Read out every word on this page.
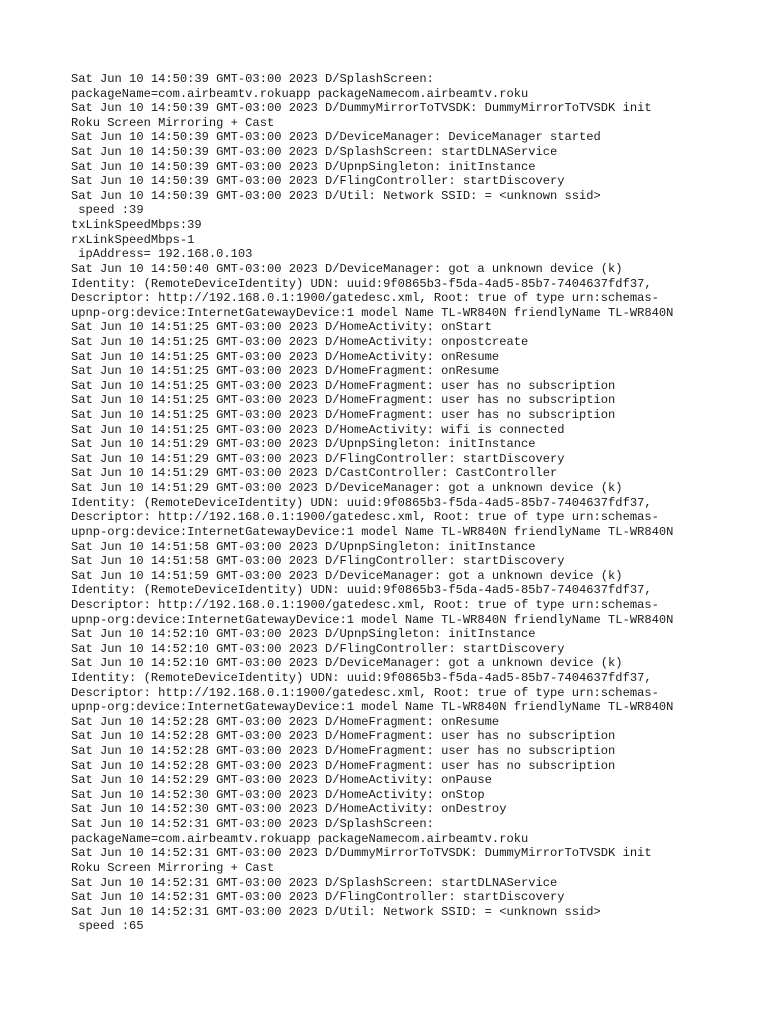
Sat Jun 10 14:50:39 GMT-03:00 2023 D/SplashScreen:
packageName=com.airbeamtv.rokuapp packageNamecom.airbeamtv.roku
Sat Jun 10 14:50:39 GMT-03:00 2023 D/DummyMirrorToTVSDK: DummyMirrorToTVSDK init
Roku Screen Mirroring + Cast
Sat Jun 10 14:50:39 GMT-03:00 2023 D/DeviceManager: DeviceManager started
Sat Jun 10 14:50:39 GMT-03:00 2023 D/SplashScreen: startDLNAService
Sat Jun 10 14:50:39 GMT-03:00 2023 D/UpnpSingleton: initInstance
Sat Jun 10 14:50:39 GMT-03:00 2023 D/FlingController: startDiscovery
Sat Jun 10 14:50:39 GMT-03:00 2023 D/Util: Network SSID: = <unknown ssid>
speed :39
txLinkSpeedMbps:39
rxLinkSpeedMbps-1
ipAddress= 192.168.0.103
Sat Jun 10 14:50:40 GMT-03:00 2023 D/DeviceManager: got a unknown device (k)
Identity: (RemoteDeviceIdentity) UDN: uuid:9f0865b3-f5da-4ad5-85b7-7404637fdf37,
Descriptor: http://192.168.0.1:1900/gatedesc.xml, Root: true of type urn:schemas-
upnp-org:device:InternetGatewayDevice:1 model Name TL-WR840N friendlyName TL-WR840N
Sat Jun 10 14:51:25 GMT-03:00 2023 D/HomeActivity: onStart
Sat Jun 10 14:51:25 GMT-03:00 2023 D/HomeActivity: onpostcreate
Sat Jun 10 14:51:25 GMT-03:00 2023 D/HomeActivity: onResume
Sat Jun 10 14:51:25 GMT-03:00 2023 D/HomeFragment: onResume
Sat Jun 10 14:51:25 GMT-03:00 2023 D/HomeFragment: user has no subscription
Sat Jun 10 14:51:25 GMT-03:00 2023 D/HomeFragment: user has no subscription
Sat Jun 10 14:51:25 GMT-03:00 2023 D/HomeFragment: user has no subscription
Sat Jun 10 14:51:25 GMT-03:00 2023 D/HomeActivity: wifi is connected
Sat Jun 10 14:51:29 GMT-03:00 2023 D/UpnpSingleton: initInstance
Sat Jun 10 14:51:29 GMT-03:00 2023 D/FlingController: startDiscovery
Sat Jun 10 14:51:29 GMT-03:00 2023 D/CastController: CastController
Sat Jun 10 14:51:29 GMT-03:00 2023 D/DeviceManager: got a unknown device (k)
Identity: (RemoteDeviceIdentity) UDN: uuid:9f0865b3-f5da-4ad5-85b7-7404637fdf37,
Descriptor: http://192.168.0.1:1900/gatedesc.xml, Root: true of type urn:schemas-
upnp-org:device:InternetGatewayDevice:1 model Name TL-WR840N friendlyName TL-WR840N
Sat Jun 10 14:51:58 GMT-03:00 2023 D/UpnpSingleton: initInstance
Sat Jun 10 14:51:58 GMT-03:00 2023 D/FlingController: startDiscovery
Sat Jun 10 14:51:59 GMT-03:00 2023 D/DeviceManager: got a unknown device (k)
Identity: (RemoteDeviceIdentity) UDN: uuid:9f0865b3-f5da-4ad5-85b7-7404637fdf37,
Descriptor: http://192.168.0.1:1900/gatedesc.xml, Root: true of type urn:schemas-
upnp-org:device:InternetGatewayDevice:1 model Name TL-WR840N friendlyName TL-WR840N
Sat Jun 10 14:52:10 GMT-03:00 2023 D/UpnpSingleton: initInstance
Sat Jun 10 14:52:10 GMT-03:00 2023 D/FlingController: startDiscovery
Sat Jun 10 14:52:10 GMT-03:00 2023 D/DeviceManager: got a unknown device (k)
Identity: (RemoteDeviceIdentity) UDN: uuid:9f0865b3-f5da-4ad5-85b7-7404637fdf37,
Descriptor: http://192.168.0.1:1900/gatedesc.xml, Root: true of type urn:schemas-
upnp-org:device:InternetGatewayDevice:1 model Name TL-WR840N friendlyName TL-WR840N
Sat Jun 10 14:52:28 GMT-03:00 2023 D/HomeFragment: onResume
Sat Jun 10 14:52:28 GMT-03:00 2023 D/HomeFragment: user has no subscription
Sat Jun 10 14:52:28 GMT-03:00 2023 D/HomeFragment: user has no subscription
Sat Jun 10 14:52:28 GMT-03:00 2023 D/HomeFragment: user has no subscription
Sat Jun 10 14:52:29 GMT-03:00 2023 D/HomeActivity: onPause
Sat Jun 10 14:52:30 GMT-03:00 2023 D/HomeActivity: onStop
Sat Jun 10 14:52:30 GMT-03:00 2023 D/HomeActivity: onDestroy
Sat Jun 10 14:52:31 GMT-03:00 2023 D/SplashScreen:
packageName=com.airbeamtv.rokuapp packageNamecom.airbeamtv.roku
Sat Jun 10 14:52:31 GMT-03:00 2023 D/DummyMirrorToTVSDK: DummyMirrorToTVSDK init
Roku Screen Mirroring + Cast
Sat Jun 10 14:52:31 GMT-03:00 2023 D/SplashScreen: startDLNAService
Sat Jun 10 14:52:31 GMT-03:00 2023 D/FlingController: startDiscovery
Sat Jun 10 14:52:31 GMT-03:00 2023 D/Util: Network SSID: = <unknown ssid>
speed :65
